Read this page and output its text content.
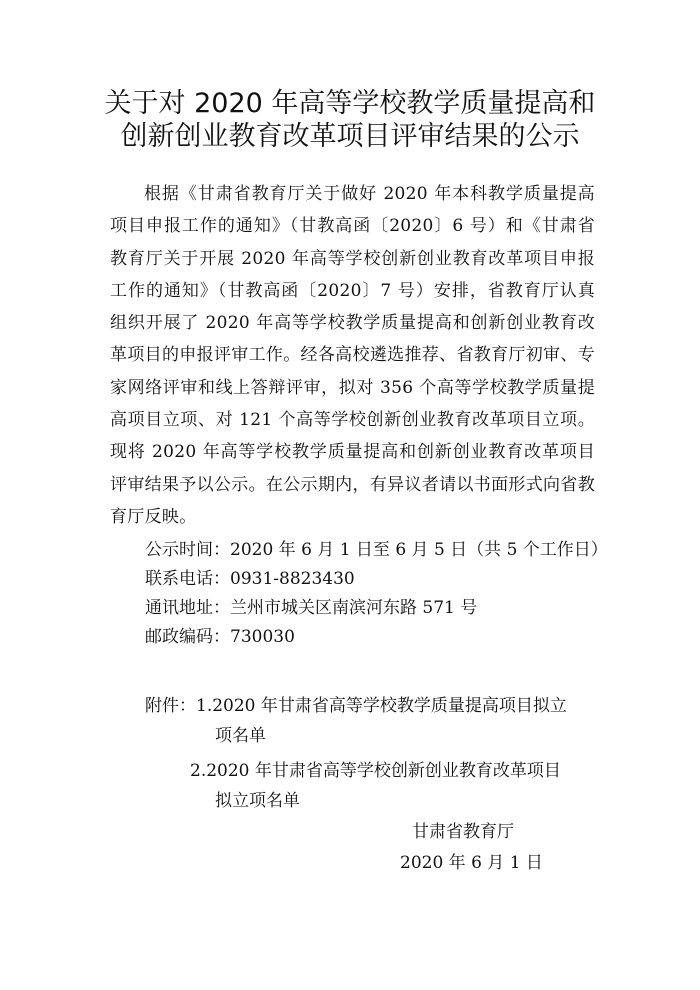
关于对 2020 年高等学校教学质量提高和
创新创业教育改革项目评审结果的公示

根据《甘肃省教育厅关于做好 2020 年本科教学质量提高项目申报工作的通知》（甘教高函〔2020〕6 号）和《甘肃省教育厅关于开展 2020 年高等学校创新创业教育改革项目申报工作的通知》（甘教高函〔2020〕7 号）安排，省教育厅认真组织开展了 2020 年高等学校教学质量提高和创新创业教育改革项目的申报评审工作。经各高校遴选推荐、省教育厅初审、专家网络评审和线上答辩评审，拟对 356 个高等学校教学质量提高项目立项、对 121 个高等学校创新创业教育改革项目立项。现将 2020 年高等学校教学质量提高和创新创业教育改革项目评审结果予以公示。在公示期内，有异议者请以书面形式向省教育厅反映。

公示时间：2020 年 6 月 1 日至 6 月 5 日（共 5 个工作日）
联系电话：0931-8823430
通讯地址：兰州市城关区南滨河东路 571 号
邮政编码：730030
附件：1.2020 年甘肃省高等学校教学质量提高项目拟立
项名单
2.2020 年甘肃省高等学校创新创业教育改革项目
拟立项名单
甘肃省教育厅
2020 年 6 月 1 日
